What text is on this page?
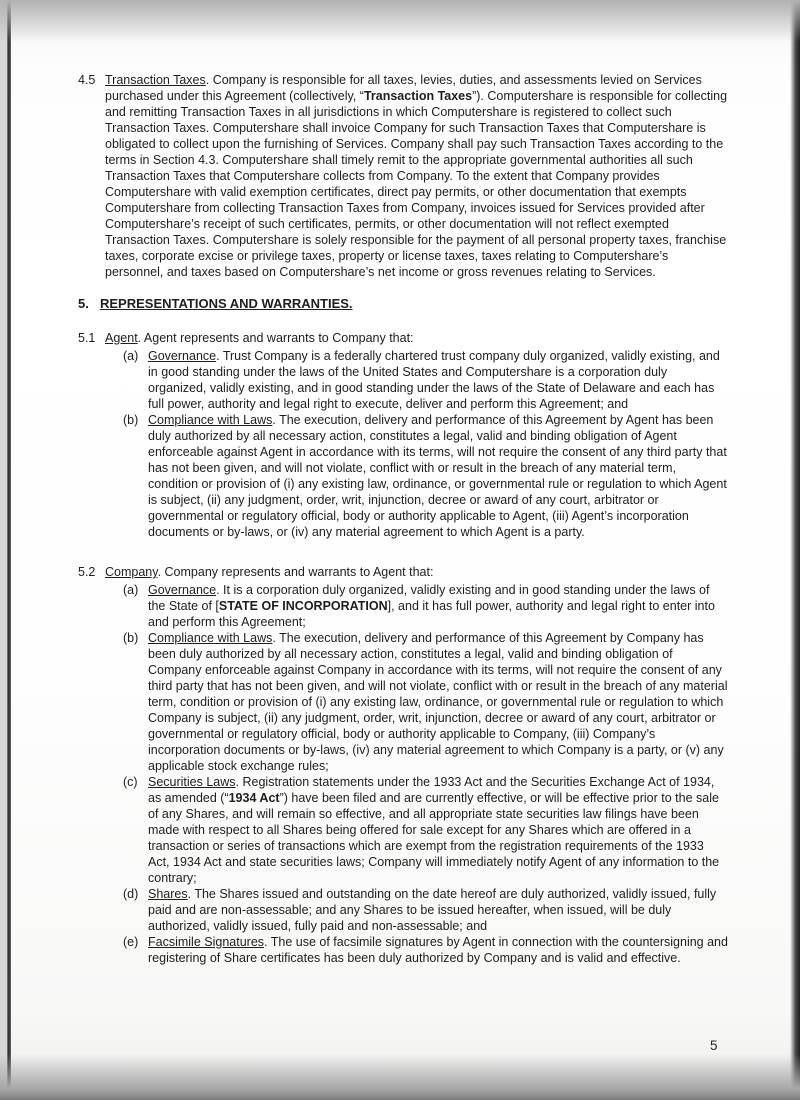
4.5 Transaction Taxes. Company is responsible for all taxes, levies, duties, and assessments levied on Services purchased under this Agreement (collectively, “Transaction Taxes”). Computershare is responsible for collecting and remitting Transaction Taxes in all jurisdictions in which Computershare is registered to collect such Transaction Taxes. Computershare shall invoice Company for such Transaction Taxes that Computershare is obligated to collect upon the furnishing of Services. Company shall pay such Transaction Taxes according to the terms in Section 4.3. Computershare shall timely remit to the appropriate governmental authorities all such Transaction Taxes that Computershare collects from Company. To the extent that Company provides Computershare with valid exemption certificates, direct pay permits, or other documentation that exempts Computershare from collecting Transaction Taxes from Company, invoices issued for Services provided after Computershare’s receipt of such certificates, permits, or other documentation will not reflect exempted Transaction Taxes. Computershare is solely responsible for the payment of all personal property taxes, franchise taxes, corporate excise or privilege taxes, property or license taxes, taxes relating to Computershare’s personnel, and taxes based on Computershare’s net income or gross revenues relating to Services.
5. REPRESENTATIONS AND WARRANTIES.
5.1 Agent. Agent represents and warrants to Company that:
(a) Governance. Trust Company is a federally chartered trust company duly organized, validly existing, and in good standing under the laws of the United States and Computershare is a corporation duly organized, validly existing, and in good standing under the laws of the State of Delaware and each has full power, authority and legal right to execute, deliver and perform this Agreement; and
(b) Compliance with Laws. The execution, delivery and performance of this Agreement by Agent has been duly authorized by all necessary action, constitutes a legal, valid and binding obligation of Agent enforceable against Agent in accordance with its terms, will not require the consent of any third party that has not been given, and will not violate, conflict with or result in the breach of any material term, condition or provision of (i) any existing law, ordinance, or governmental rule or regulation to which Agent is subject, (ii) any judgment, order, writ, injunction, decree or award of any court, arbitrator or governmental or regulatory official, body or authority applicable to Agent, (iii) Agent’s incorporation documents or by-laws, or (iv) any material agreement to which Agent is a party.
5.2 Company. Company represents and warrants to Agent that:
(a) Governance. It is a corporation duly organized, validly existing and in good standing under the laws of the State of [STATE OF INCORPORATION], and it has full power, authority and legal right to enter into and perform this Agreement;
(b) Compliance with Laws. The execution, delivery and performance of this Agreement by Company has been duly authorized by all necessary action, constitutes a legal, valid and binding obligation of Company enforceable against Company in accordance with its terms, will not require the consent of any third party that has not been given, and will not violate, conflict with or result in the breach of any material term, condition or provision of (i) any existing law, ordinance, or governmental rule or regulation to which Company is subject, (ii) any judgment, order, writ, injunction, decree or award of any court, arbitrator or governmental or regulatory official, body or authority applicable to Company, (iii) Company’s incorporation documents or by-laws, (iv) any material agreement to which Company is a party, or (v) any applicable stock exchange rules;
(c) Securities Laws. Registration statements under the 1933 Act and the Securities Exchange Act of 1934, as amended (“1934 Act”) have been filed and are currently effective, or will be effective prior to the sale of any Shares, and will remain so effective, and all appropriate state securities law filings have been made with respect to all Shares being offered for sale except for any Shares which are offered in a transaction or series of transactions which are exempt from the registration requirements of the 1933 Act, 1934 Act and state securities laws; Company will immediately notify Agent of any information to the contrary;
(d) Shares. The Shares issued and outstanding on the date hereof are duly authorized, validly issued, fully paid and are non-assessable; and any Shares to be issued hereafter, when issued, will be duly authorized, validly issued, fully paid and non-assessable; and
(e) Facsimile Signatures. The use of facsimile signatures by Agent in connection with the countersigning and registering of Share certificates has been duly authorized by Company and is valid and effective.
5
